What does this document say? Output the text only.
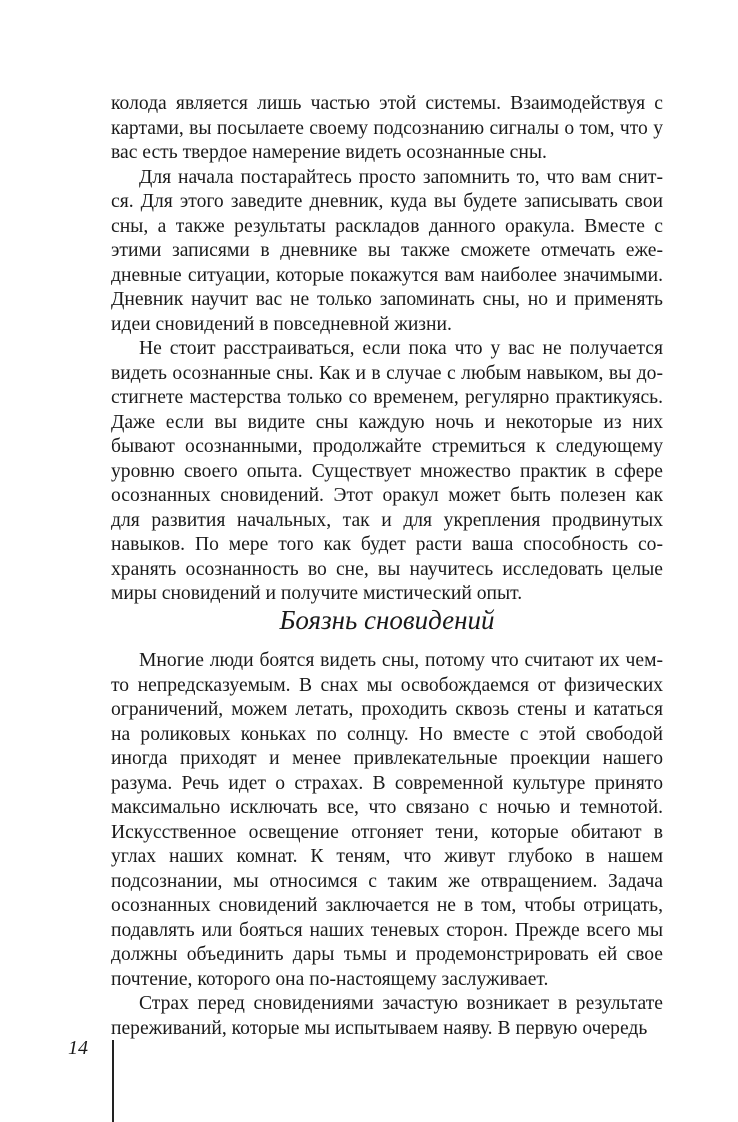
колода является лишь частью этой системы. Взаимодействуя с картами, вы посылаете своему подсознанию сигналы о том, что у вас есть твердое намерение видеть осознанные сны.

Для начала постарайтесь просто запомнить то, что вам снится. Для этого заведите дневник, куда вы будете записывать свои сны, а также результаты раскладов данного оракула. Вместе с этими записями в дневнике вы также сможете отмечать ежедневные ситуации, которые покажутся вам наиболее значимыми. Дневник научит вас не только запоминать сны, но и применять идеи сновидений в повседневной жизни.

Не стоит расстраиваться, если пока что у вас не получается видеть осознанные сны. Как и в случае с любым навыком, вы достигнете мастерства только со временем, регулярно практикуясь. Даже если вы видите сны каждую ночь и некоторые из них бывают осознанными, продолжайте стремиться к следующему уровню своего опыта. Существует множество практик в сфере осознанных сновидений. Этот оракул может быть полезен как для развития начальных, так и для укрепления продвинутых навыков. По мере того как будет расти ваша способность сохранять осознанность во сне, вы научитесь исследовать целые миры сновидений и получите мистический опыт.

Боязнь сновидений

Многие люди боятся видеть сны, потому что считают их чем-то непредсказуемым. В снах мы освобождаемся от физических ограничений, можем летать, проходить сквозь стены и кататься на роликовых коньках по солнцу. Но вместе с этой свободой иногда приходят и менее привлекательные проекции нашего разума. Речь идет о страхах. В современной культуре принято максимально исключать все, что связано с ночью и темнотой. Искусственное освещение отгоняет тени, которые обитают в углах наших комнат. К теням, что живут глубоко в нашем подсознании, мы относимся с таким же отвращением. Задача осознанных сновидений заключается не в том, чтобы отрицать, подавлять или бояться наших теневых сторон. Прежде всего мы должны объединить дары тьмы и продемонстрировать ей свое почтение, которого она по-настоящему заслуживает.

Страх перед сновидениями зачастую возникает в результате переживаний, которые мы испытываем наяву. В первую очередь

14
